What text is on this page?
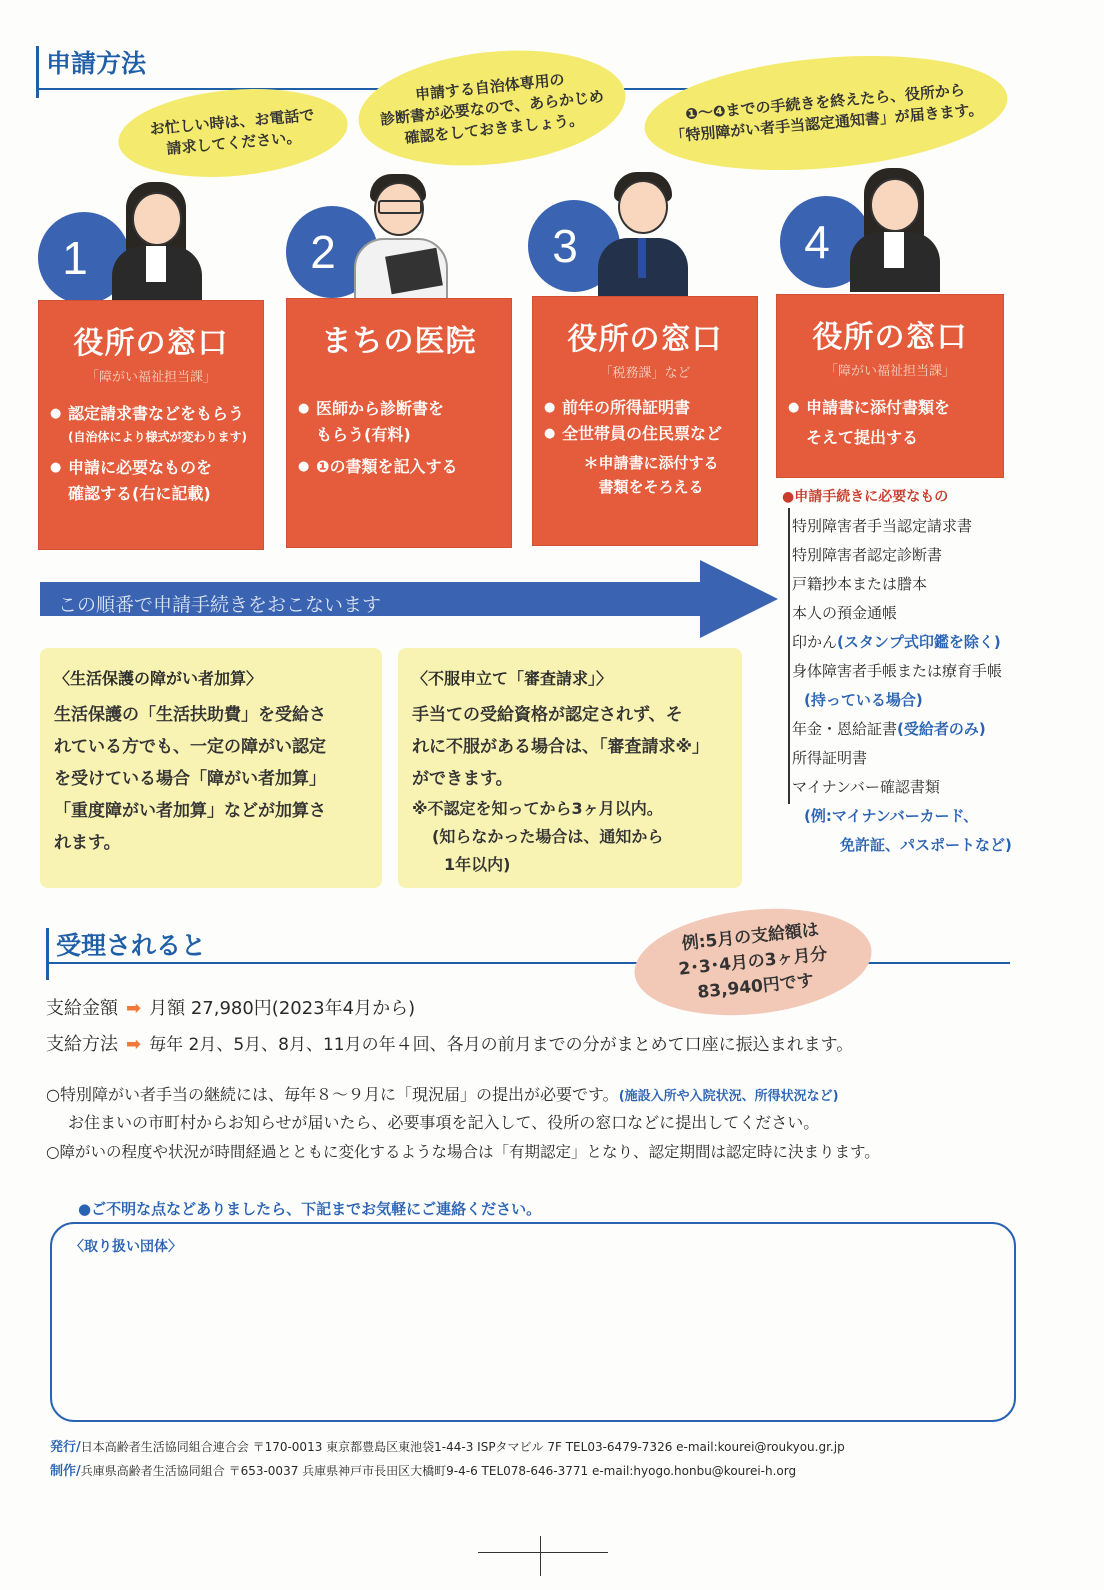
申請方法
お忙しい時は、お電話で
請求してください。
申請する自治体専用の
診断書が必要なので、あらかじめ
確認をしておきましょう。
❶～❹までの手続きを終えたら、役所から
「特別障がい者手当認定通知書」が届きます。
1	2	3	4
役所の窓口
「障がい福祉担当課」
● 認定請求書などをもらう
(自治体により様式が変わります)
● 申請に必要なものを
確認する(右に記載)
まちの医院
● 医師から診断書を
もらう(有料)
● ❶の書類を記入する
役所の窓口
「税務課」など
● 前年の所得証明書
● 全世帯員の住民票など
＊申請書に添付する
書類をそろえる
役所の窓口
「障がい福祉担当課」
● 申請書に添付書類を
そえて提出する
この順番で申請手続きをおこないます
●申請手続きに必要なもの
特別障害者手当認定請求書
特別障害者認定診断書
戸籍抄本または謄本
本人の預金通帳
印かん(スタンプ式印鑑を除く)
身体障害者手帳または療育手帳
(持っている場合)
年金・恩給証書(受給者のみ)
所得証明書
マイナンバー確認書類
(例:マイナンバーカード、
免許証、パスポートなど)
〈生活保護の障がい者加算〉

生活保護の「生活扶助費」を受給さ

れている方でも、一定の障がい認定

を受けている場合「障がい者加算」

「重度障がい者加算」などが加算さ

れます。

〈不服申立て「審査請求」〉

手当ての受給資格が認定されず、そ

れに不服がある場合は、「審査請求※」

ができます。

※不認定を知ってから3ヶ月以内。

(知らなかった場合は、通知から

1年以内)

受理されると	例:5月の支給額は
2･3･4月の3ヶ月分
83,940円です
支給金額 ➡ 月額 27,980円(2023年4月から)
支給方法 ➡ 毎年 2月、5月、8月、11月の年４回、各月の前月までの分がまとめて口座に振込まれます。
○特別障がい者手当の継続には、毎年８～９月に「現況届」の提出が必要です。(施設入所や入院状況、所得状況など)
お住まいの市町村からお知らせが届いたら、必要事項を記入して、役所の窓口などに提出してください。
○障がいの程度や状況が時間経過とともに変化するような場合は「有期認定」となり、認定期間は認定時に決まります。
●ご不明な点などありましたら、下記までお気軽にご連絡ください。
〈取り扱い団体〉
発行/日本高齢者生活協同組合連合会 〒170-0013 東京都豊島区東池袋1-44-3 ISPタマビル 7F TEL03-6479-7326 e-mail:kourei@roukyou.gr.jp
制作/兵庫県高齢者生活協同組合 〒653-0037 兵庫県神戸市長田区大橋町9-4-6 TEL078-646-3771 e-mail:hyogo.honbu@kourei-h.org
